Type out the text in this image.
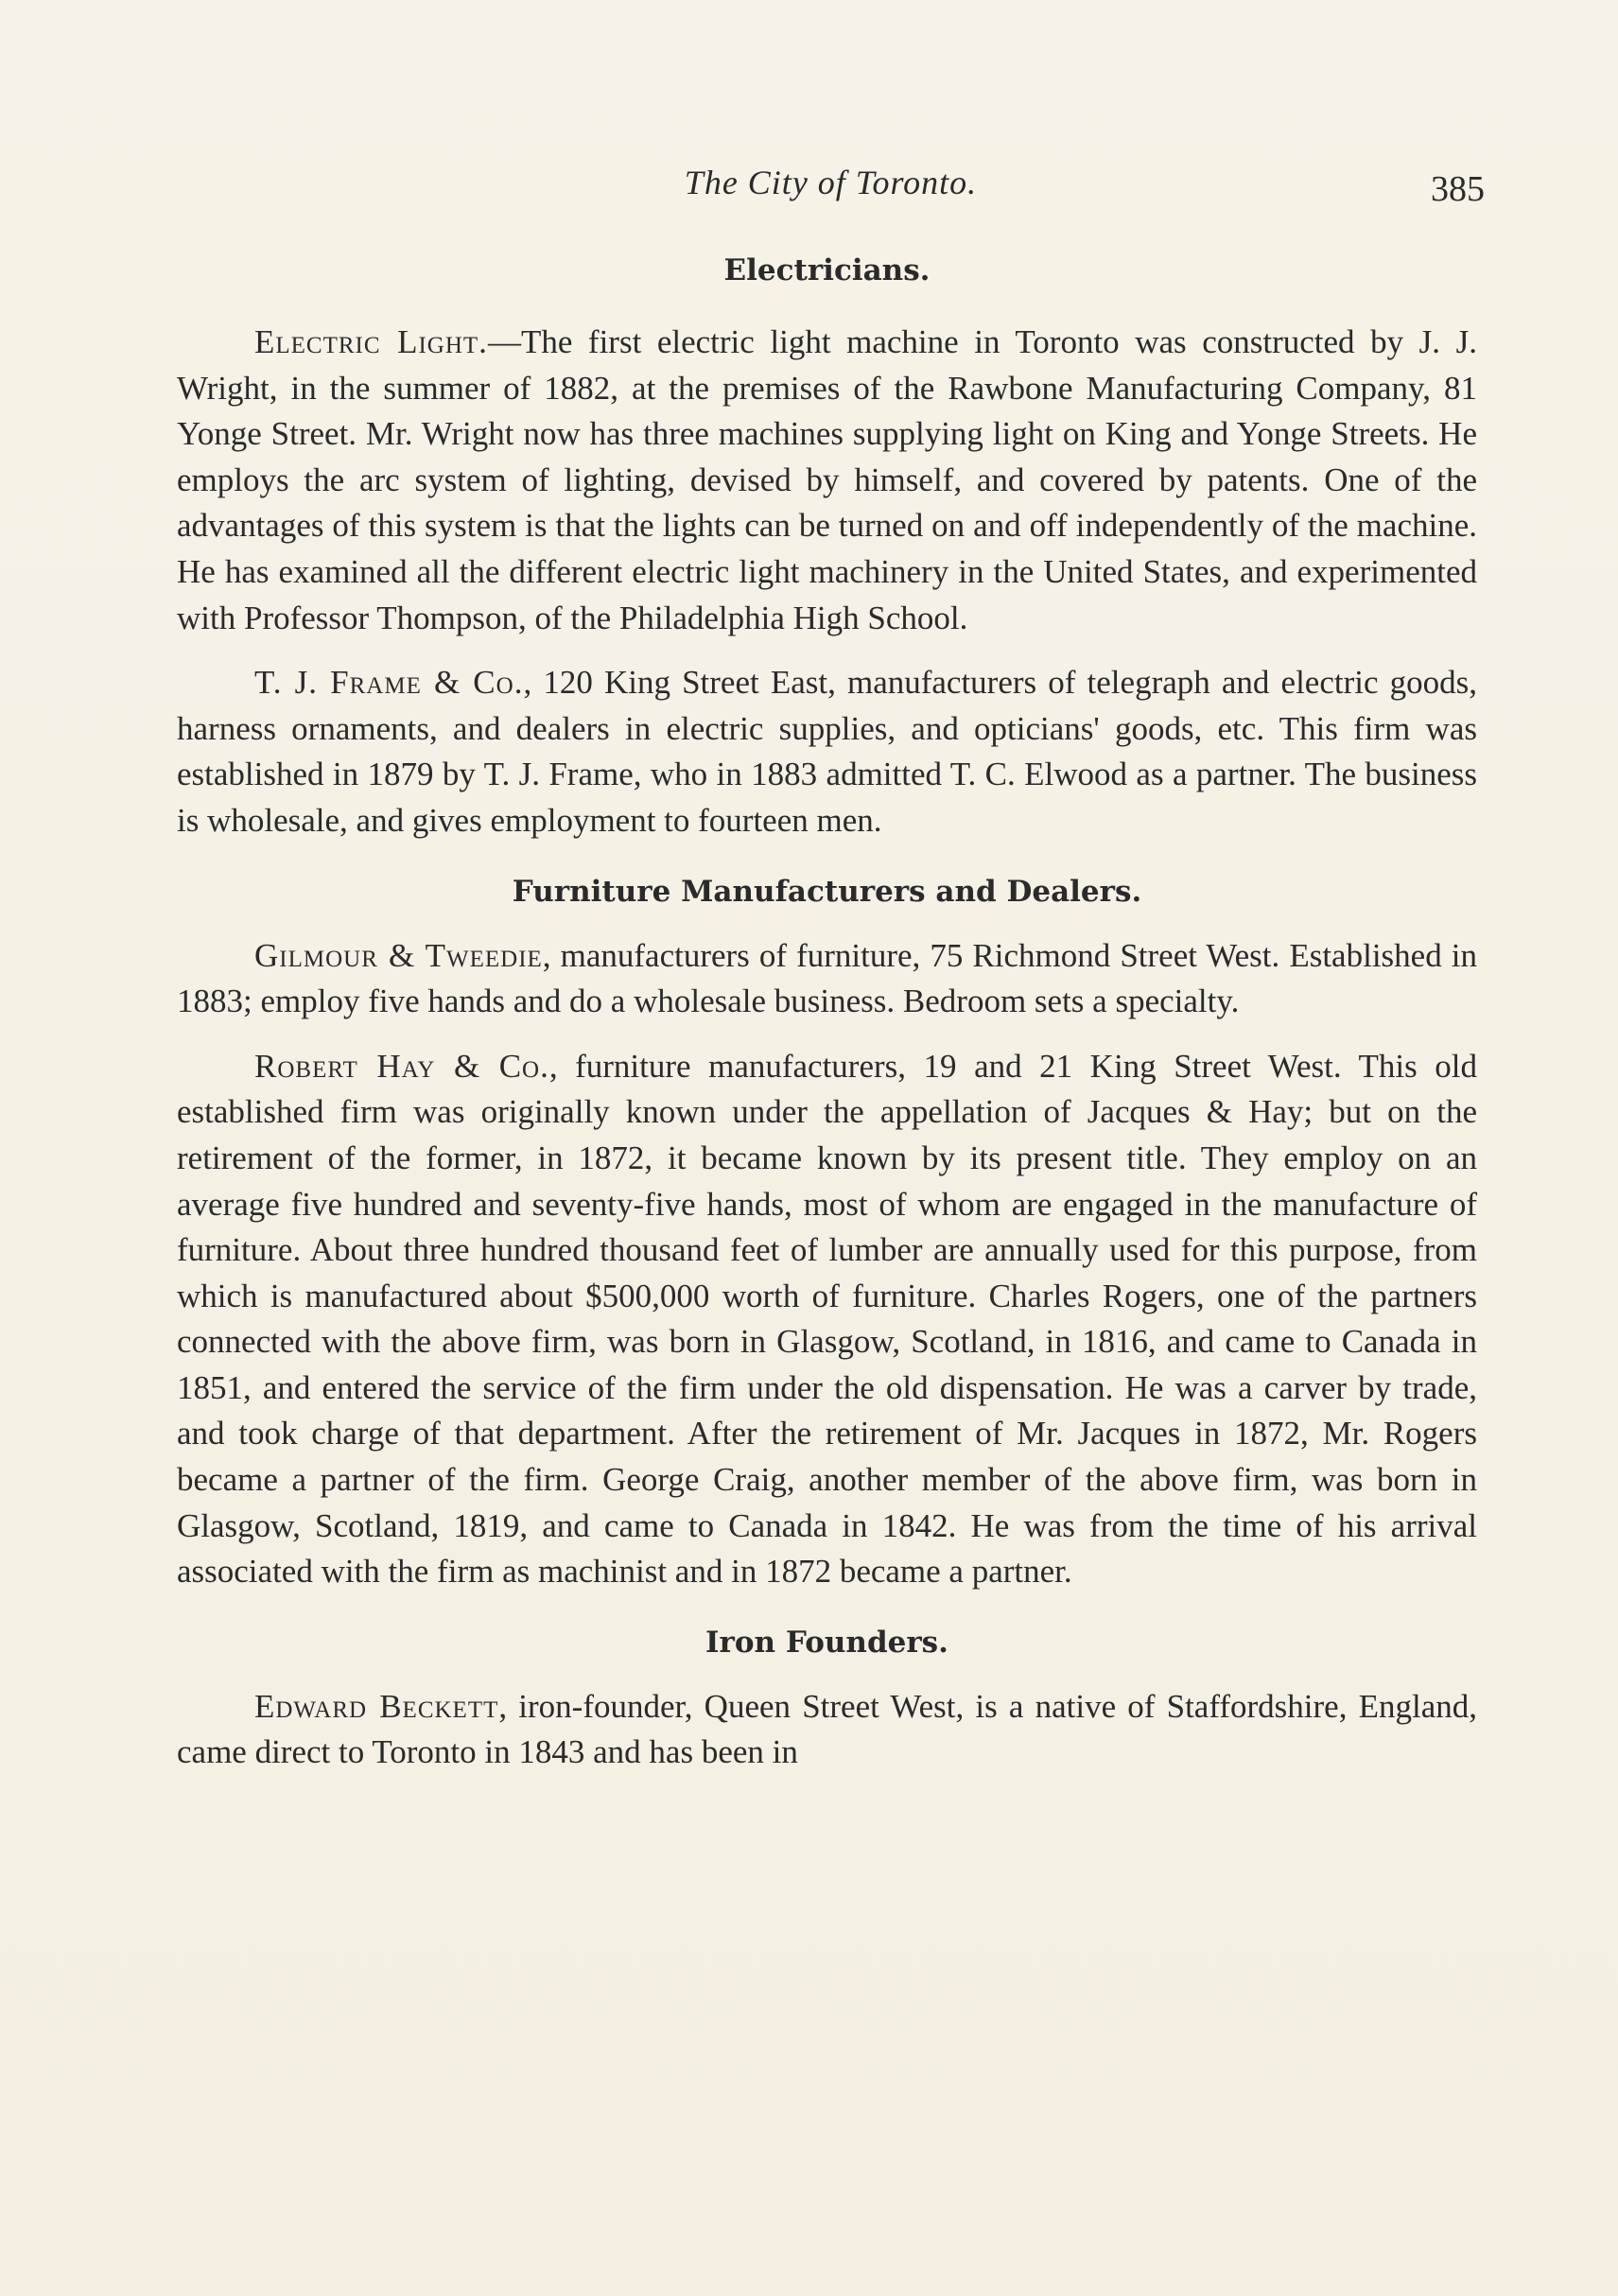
The City of Toronto.	385
Electricians.

Electric Light.—The first electric light machine in Toronto was constructed by J. J. Wright, in the summer of 1882, at the premises of the Rawbone Manufacturing Company, 81 Yonge Street. Mr. Wright now has three machines supplying light on King and Yonge Streets. He employs the arc system of lighting, devised by himself, and covered by patents. One of the advantages of this system is that the lights can be turned on and off independently of the machine. He has examined all the different electric light machinery in the United States, and experimented with Professor Thompson, of the Philadelphia High School.

T. J. Frame & Co., 120 King Street East, manufacturers of telegraph and electric goods, harness ornaments, and dealers in electric supplies, and opticians' goods, etc. This firm was established in 1879 by T. J. Frame, who in 1883 admitted T. C. Elwood as a partner. The business is wholesale, and gives employment to fourteen men.

Furniture Manufacturers and Dealers.

Gilmour & Tweedie, manufacturers of furniture, 75 Richmond Street West. Established in 1883; employ five hands and do a wholesale business. Bedroom sets a specialty.

Robert Hay & Co., furniture manufacturers, 19 and 21 King Street West. This old established firm was originally known under the appellation of Jacques & Hay; but on the retirement of the former, in 1872, it became known by its present title. They employ on an average five hundred and seventy-five hands, most of whom are engaged in the manufacture of furniture. About three hundred thousand feet of lumber are annually used for this purpose, from which is manufactured about $500,000 worth of furniture. Charles Rogers, one of the partners connected with the above firm, was born in Glasgow, Scotland, in 1816, and came to Canada in 1851, and entered the service of the firm under the old dispensation. He was a carver by trade, and took charge of that department. After the retirement of Mr. Jacques in 1872, Mr. Rogers became a partner of the firm. George Craig, another member of the above firm, was born in Glasgow, Scotland, 1819, and came to Canada in 1842. He was from the time of his arrival associated with the firm as machinist and in 1872 became a partner.

Iron Founders.

Edward Beckett, iron-founder, Queen Street West, is a native of Staffordshire, England, came direct to Toronto in 1843 and has been in
